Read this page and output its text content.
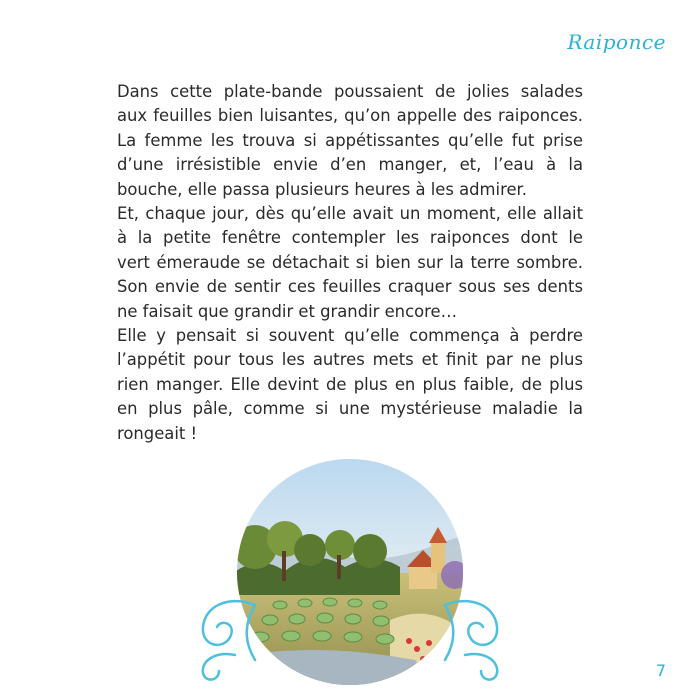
Raiponce
Dans cette plate-bande poussaient de jolies salades
aux feuilles bien luisantes, qu’on appelle des raiponces.
La femme les trouva si appétissantes qu’elle fut prise
d’une irrésistible envie d’en manger, et, l’eau à la
bouche, elle passa plusieurs heures à les admirer.
Et, chaque jour, dès qu’elle avait un moment, elle allait
à la petite fenêtre contempler les raiponces dont le
vert émeraude se détachait si bien sur la terre sombre.
Son envie de sentir ces feuilles craquer sous ses dents
ne faisait que grandir et grandir encore…
Elle y pensait si souvent qu’elle commença à perdre
l’appétit pour tous les autres mets et finit par ne plus
rien manger. Elle devint de plus en plus faible, de plus
en plus pâle, comme si une mystérieuse maladie la
rongeait !
7
